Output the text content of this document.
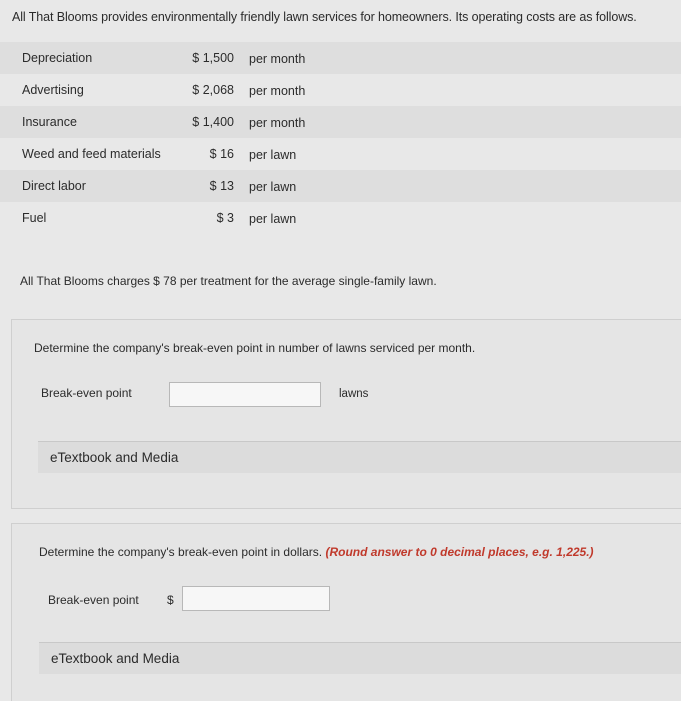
All That Blooms provides environmentally friendly lawn services for homeowners. Its operating costs are as follows.
Depreciation	$ 1,500 per month
Advertising	$ 2,068 per month
Insurance	$ 1,400 per month
Weed and feed materials	$ 16 per lawn
Direct labor	$ 13 per lawn
Fuel	$ 3 per lawn
All That Blooms charges $ 78 per treatment for the average single-family lawn.
Determine the company's break-even point in number of lawns serviced per month.
Break-even point	lawns
eTextbook and Media
Determine the company's break-even point in dollars. (Round answer to 0 decimal places, e.g. 1,225.)
Break-even point $
eTextbook and Media
